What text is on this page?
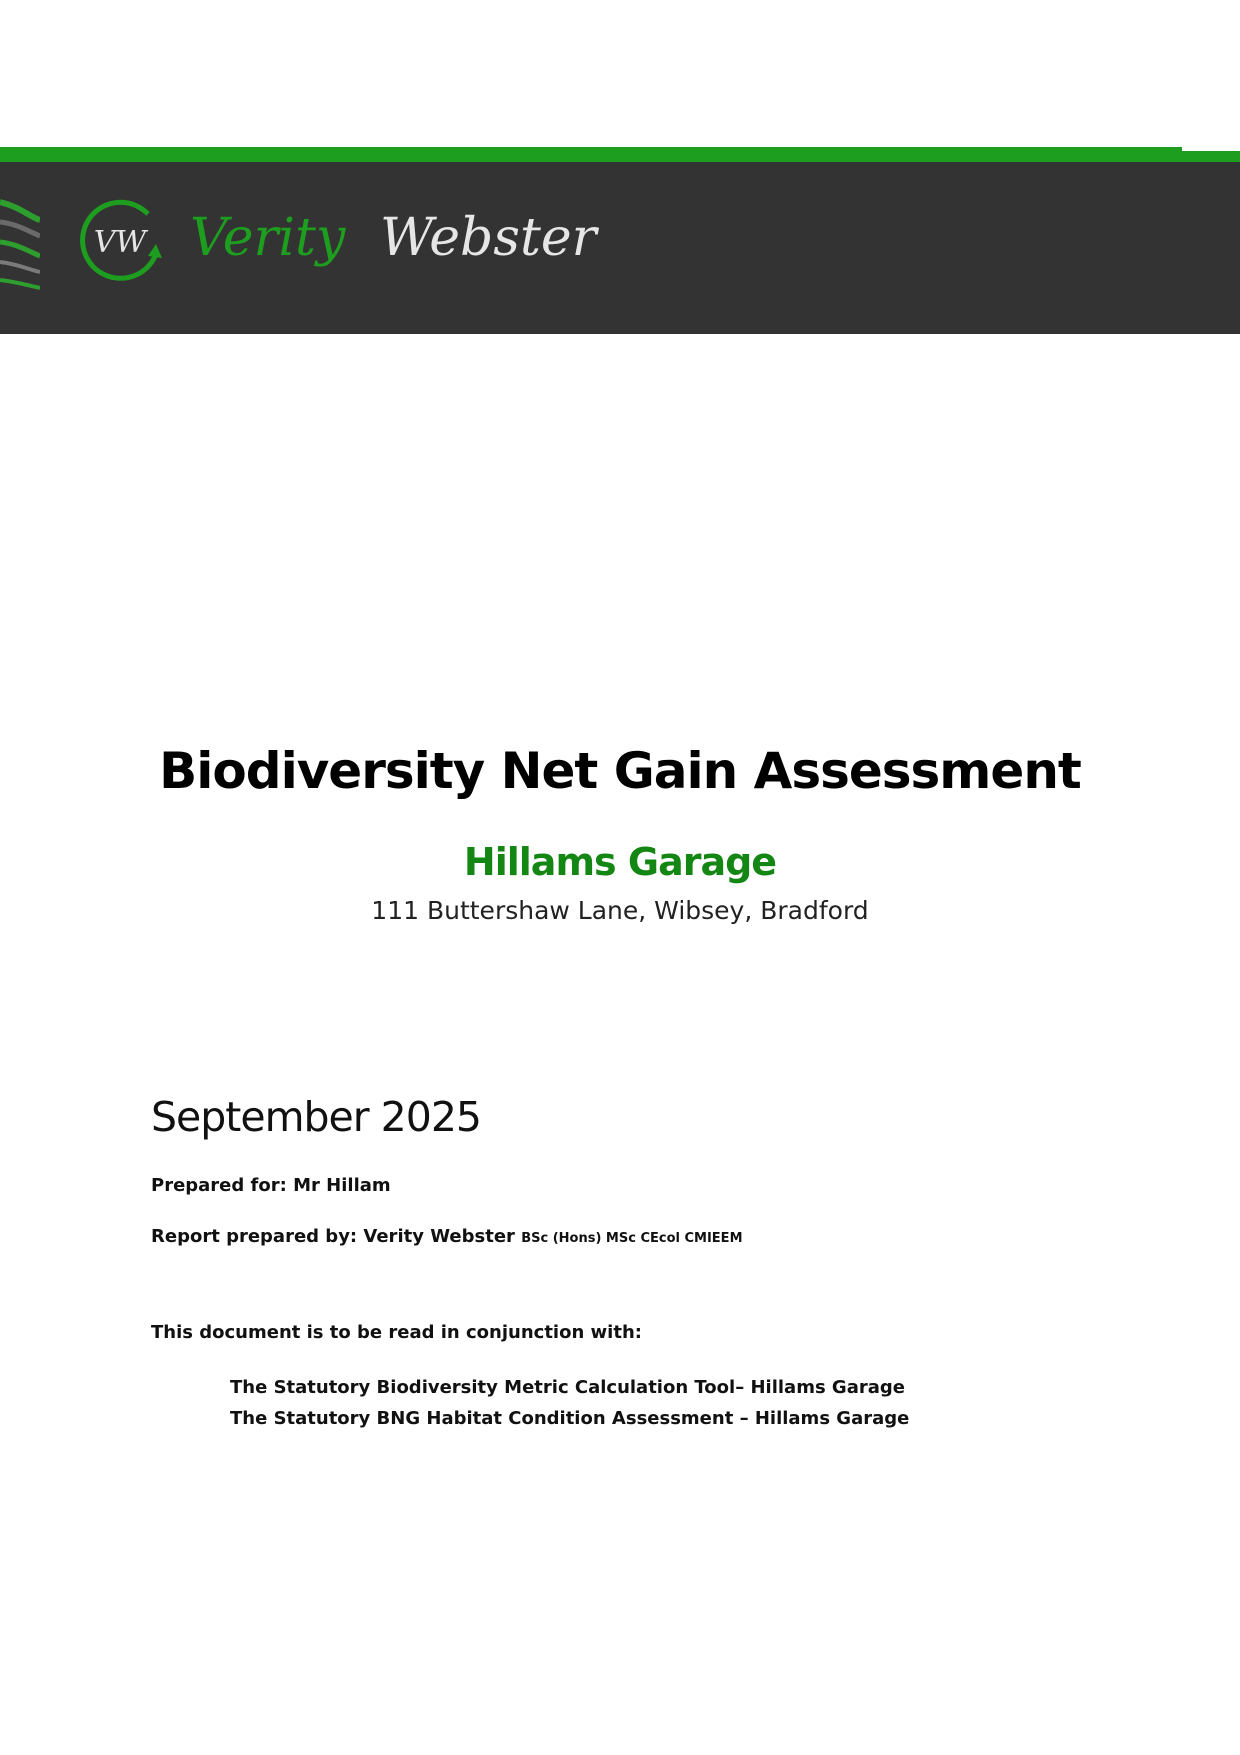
VW Verity Webster
Biodiversity Net Gain Assessment
Hillams Garage
111 Buttershaw Lane, Wibsey, Bradford
September 2025
Prepared for: Mr Hillam
Report prepared by: Verity Webster BSc (Hons) MSc CEcol CMIEEM
This document is to be read in conjunction with:
The Statutory Biodiversity Metric Calculation Tool– Hillams Garage
The Statutory BNG Habitat Condition Assessment – Hillams Garage
